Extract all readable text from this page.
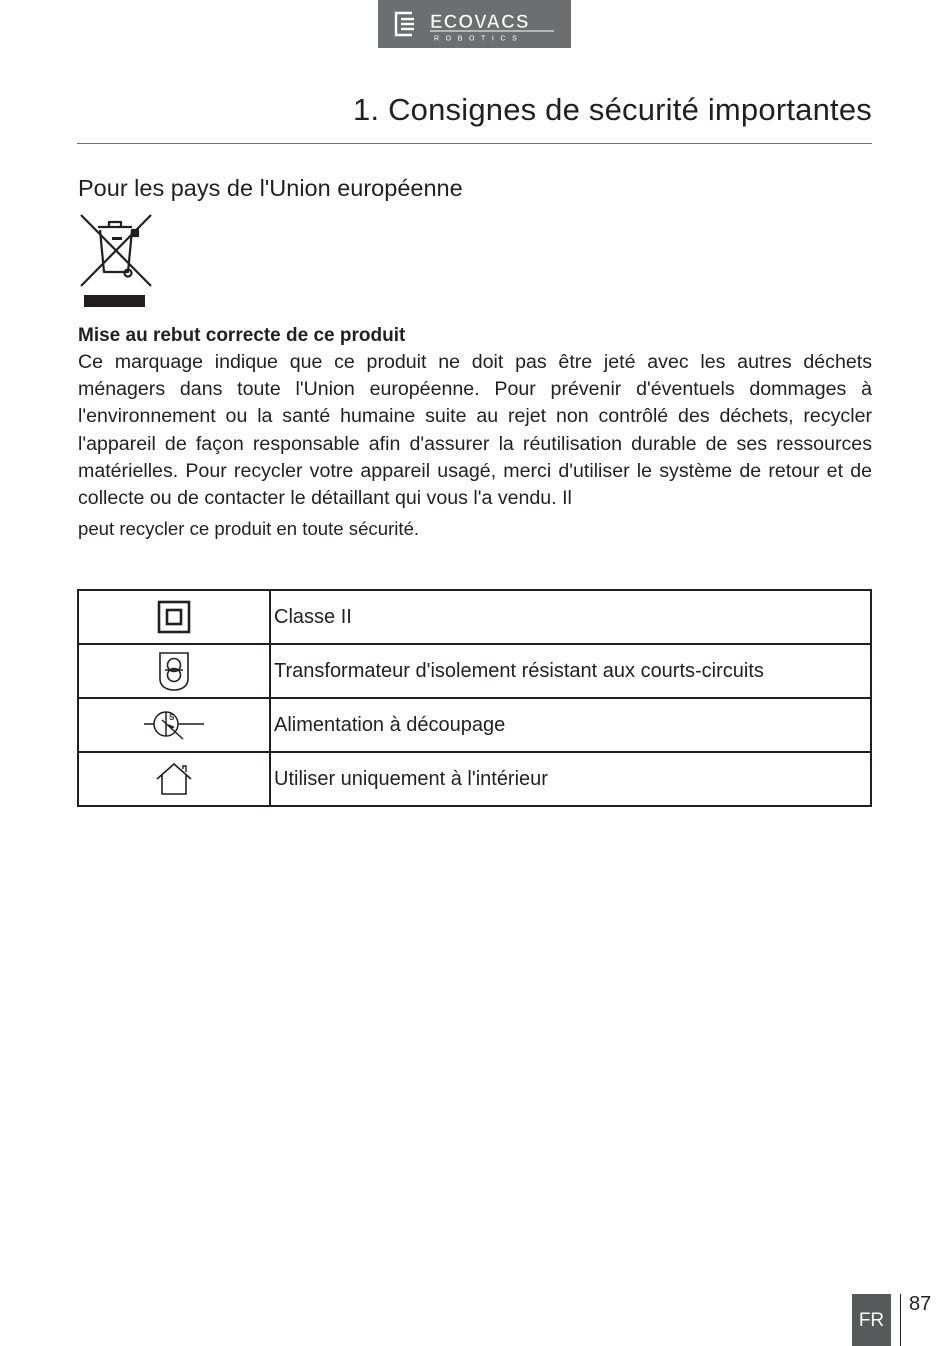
ECOVACS
ROBOTICS
1. Consignes de sécurité importantes
Pour les pays de l'Union européenne

Mise au rebut correcte de ce produit

Ce marquage indique que ce produit ne doit pas être jeté avec les autres déchets ménagers dans toute l'Union européenne. Pour prévenir d'éventuels dommages à l'environnement ou la santé humaine suite au rejet non contrôlé des déchets, recycler l'appareil de façon responsable afin d'assurer la réutilisation durable de ses ressources matérielles. Pour recycler votre appareil usagé, merci d'utiliser le système de retour et de collecte ou de contacter le détaillant qui vous l'a vendu. Il

peut recycler ce produit en toute sécurité.

	Classe II
	Transformateur d'isolement résistant aux courts-circuits

S	Alimentation à découpage
	Utiliser uniquement à l'intérieur
FR
87
